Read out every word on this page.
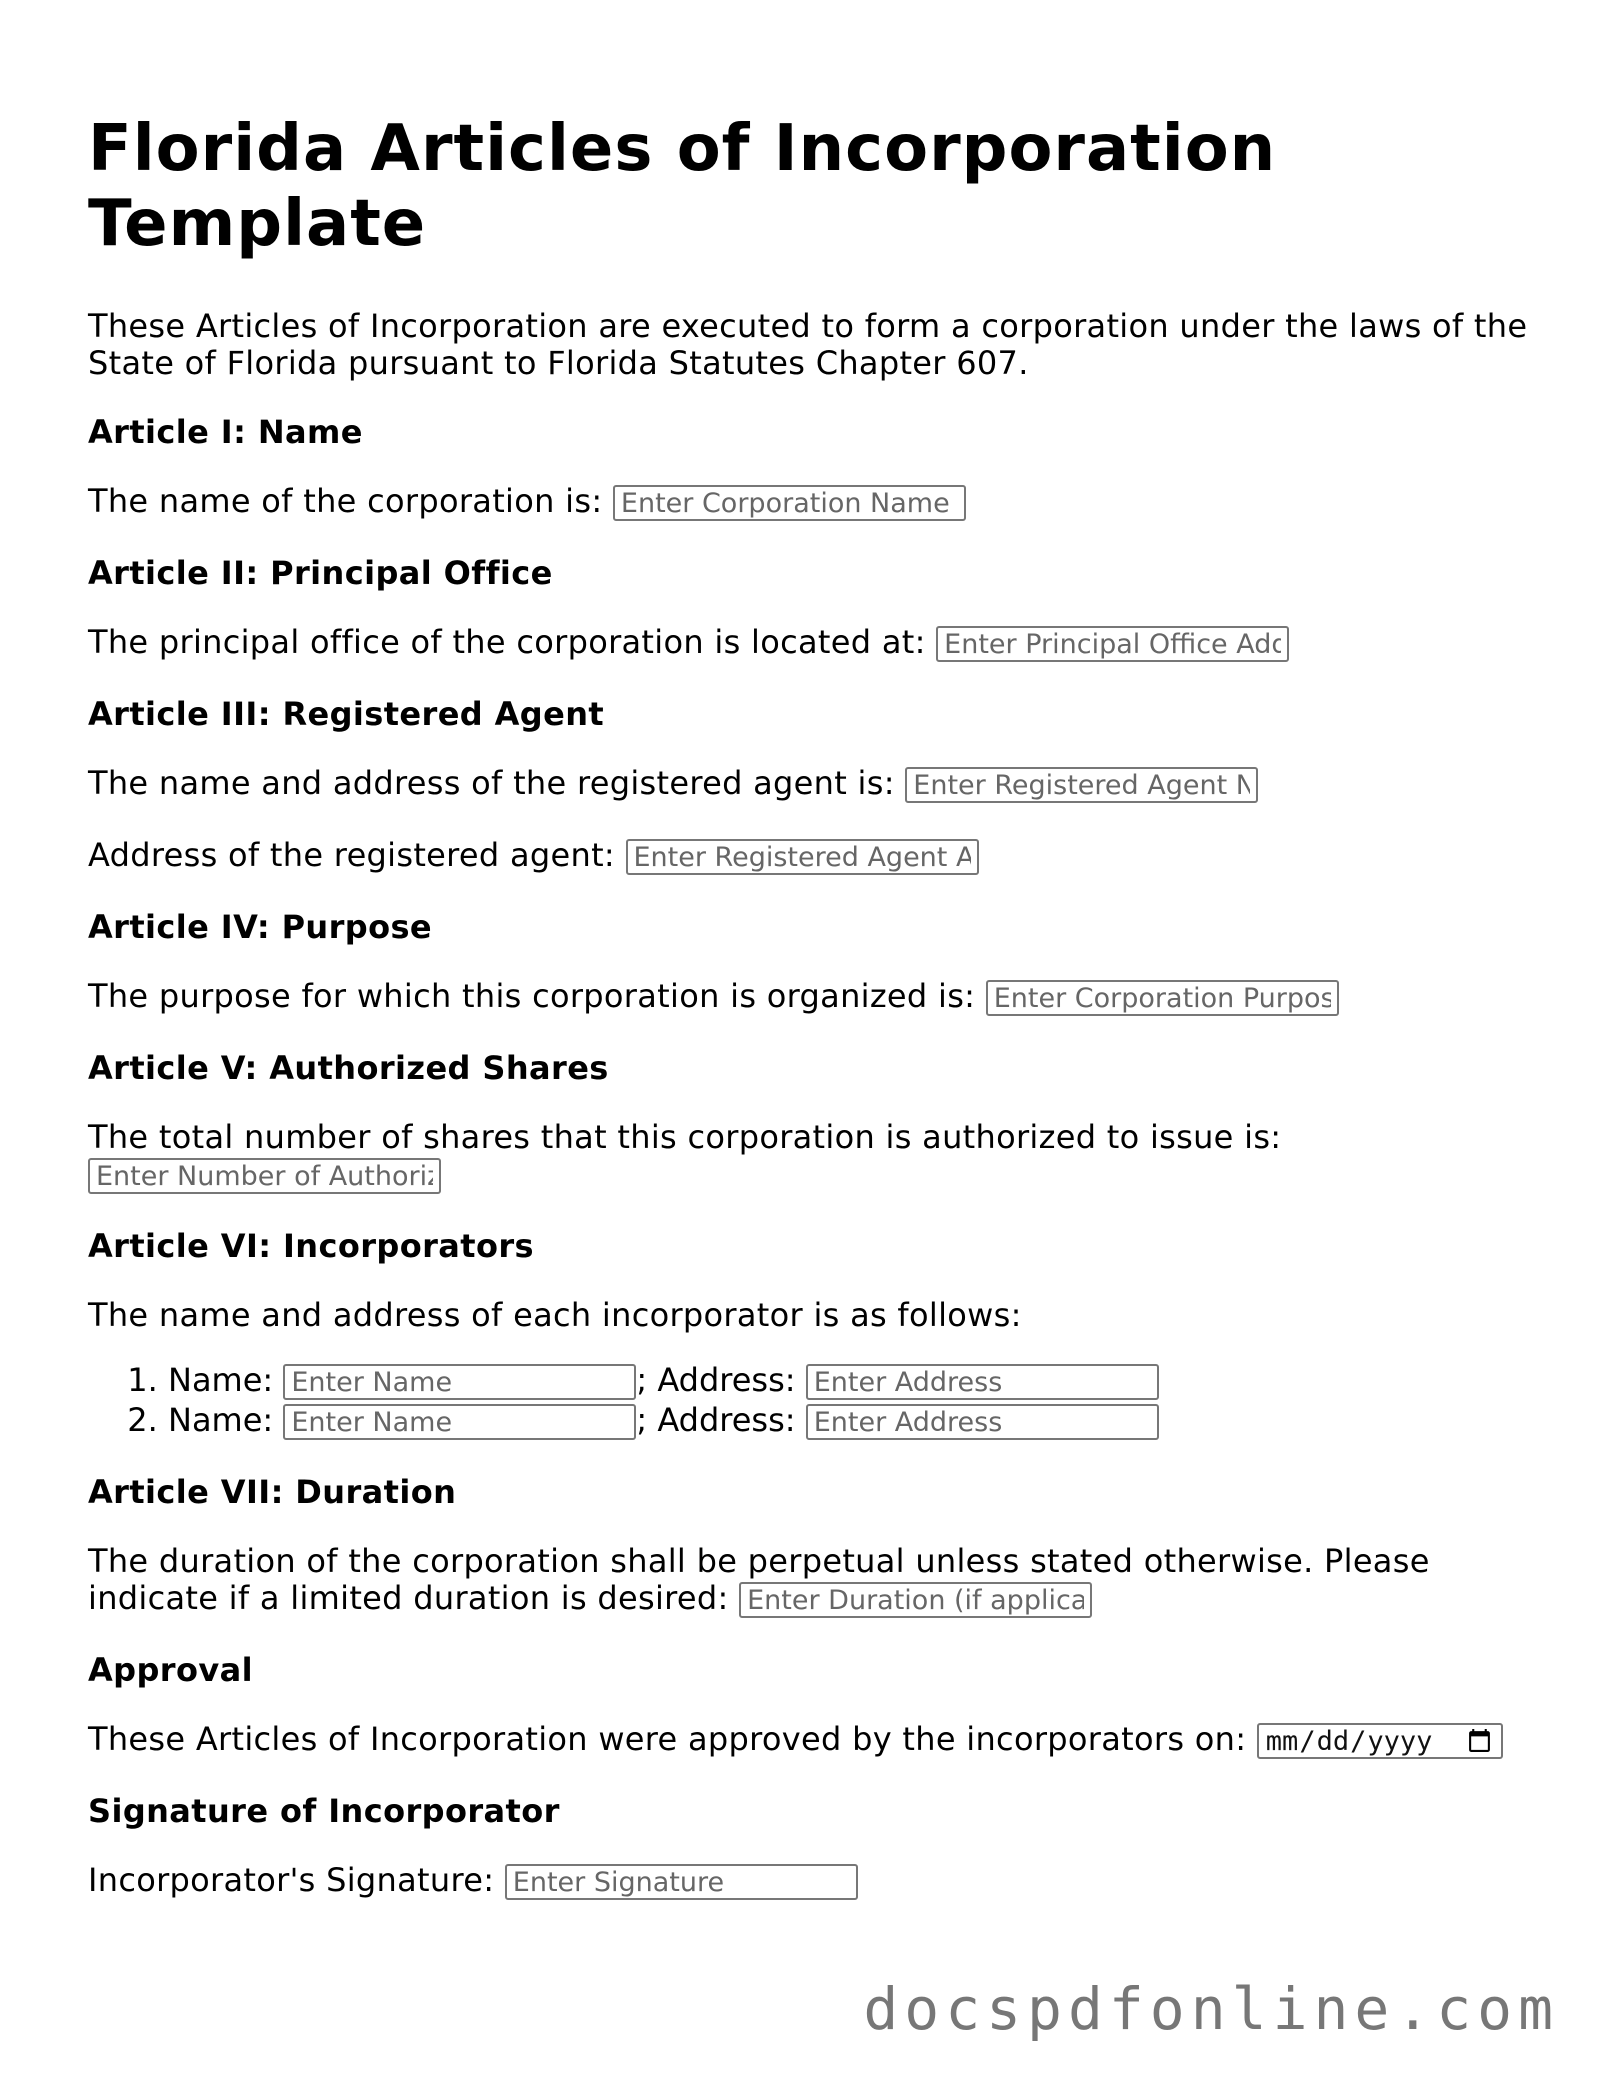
Florida Articles of Incorporation Template

These Articles of Incorporation are executed to form a corporation under the laws of the State of Florida pursuant to Florida Statutes Chapter 607.

Article I: Name

The name of the corporation is: Enter Corporation Name

Article II: Principal Office

The principal office of the corporation is located at: Enter Principal Office Address

Article III: Registered Agent

The name and address of the registered agent is: Enter Registered Agent Name

Address of the registered agent: Enter Registered Agent Address

Article IV: Purpose

The purpose for which this corporation is organized is: Enter Corporation Purpose

Article V: Authorized Shares

The total number of shares that this corporation is authorized to issue is: Enter Number of Authorized Shares

Article VI: Incorporators

The name and address of each incorporator is as follows:

1. Name: Enter Name	; Address: Enter Address
2. Name: Enter Name	; Address: Enter Address
Article VII: Duration

The duration of the corporation shall be perpetual unless stated otherwise. Please indicate if a limited duration is desired: Enter Duration (if applicable)

Approval

These Articles of Incorporation were approved by the incorporators on:

Signature of Incorporator

Incorporator's Signature: Enter Signature

docspdfonline.com
